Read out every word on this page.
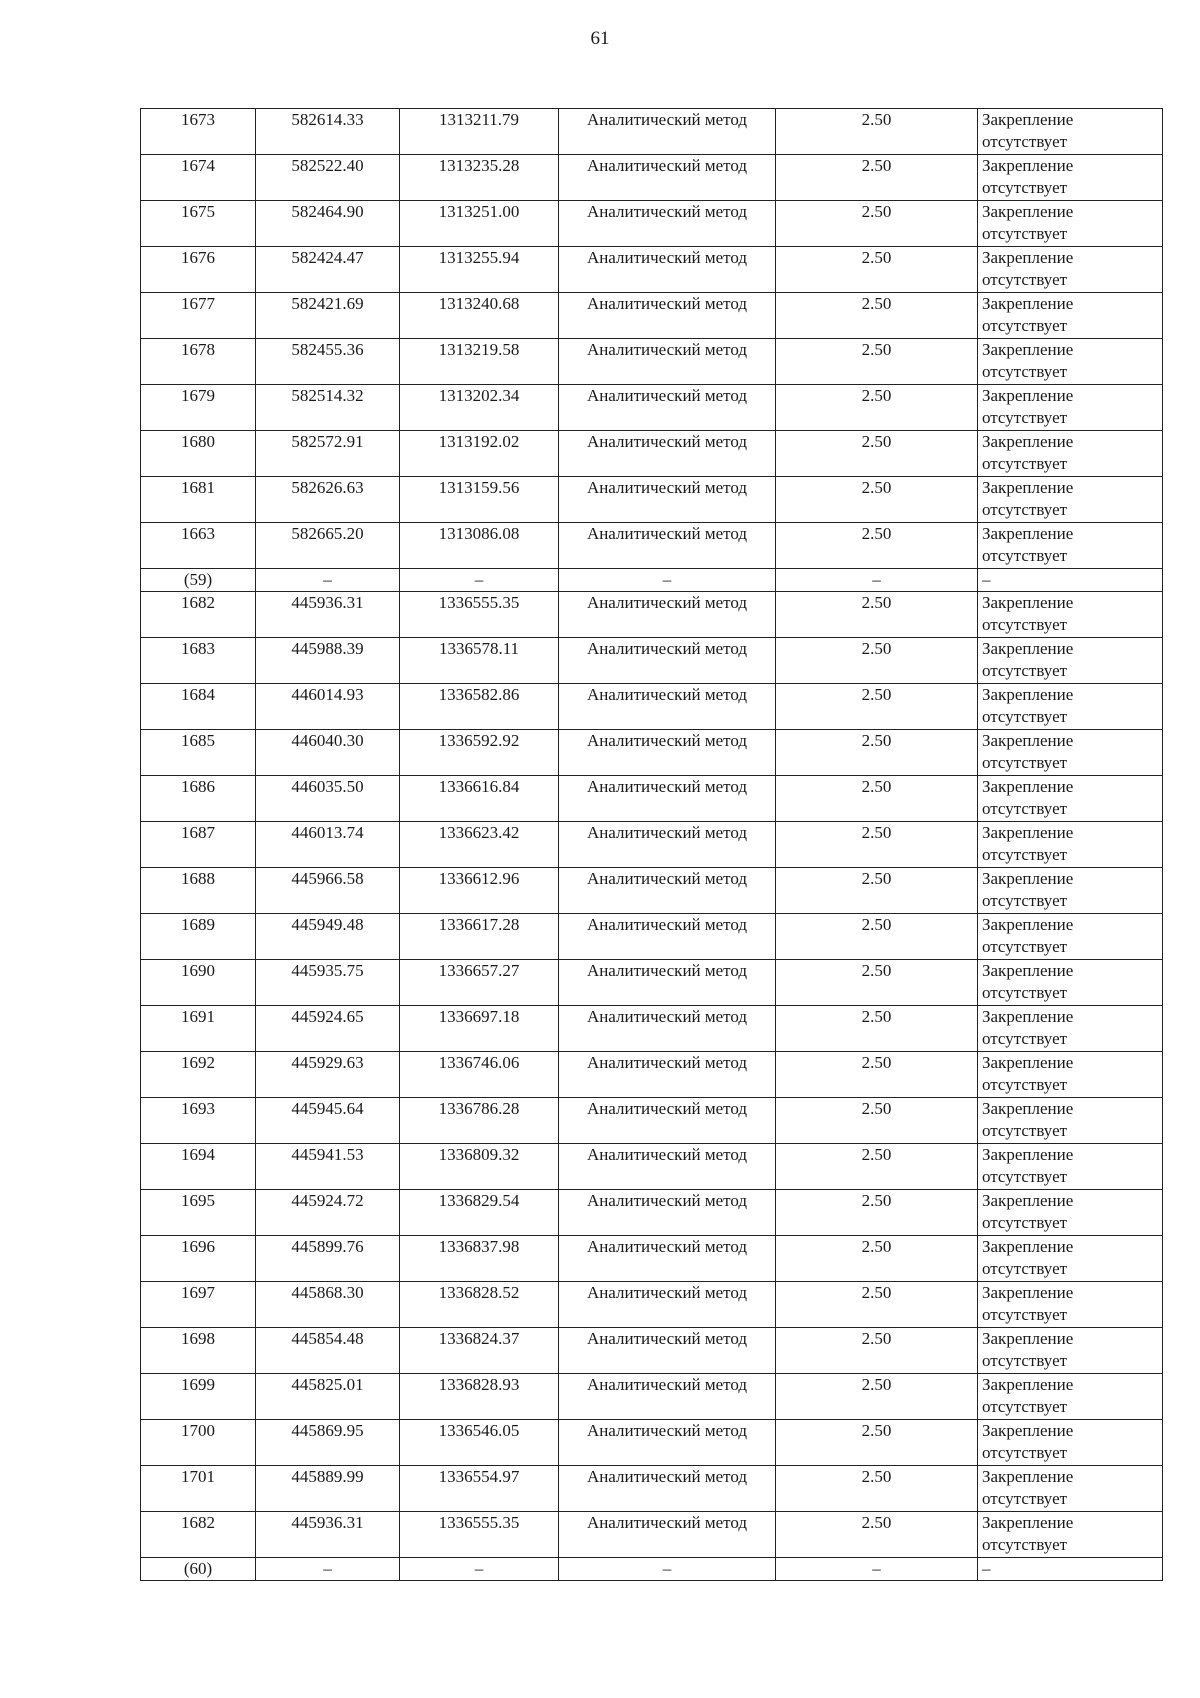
61
1673	582614.33	1313211.79	Аналитический метод	2.50	Закрепление
отсутствует

1674	582522.40	1313235.28	Аналитический метод	2.50	Закрепление
отсутствует

1675	582464.90	1313251.00	Аналитический метод	2.50	Закрепление
отсутствует

1676	582424.47	1313255.94	Аналитический метод	2.50	Закрепление
отсутствует

1677	582421.69	1313240.68	Аналитический метод	2.50	Закрепление
отсутствует

1678	582455.36	1313219.58	Аналитический метод	2.50	Закрепление
отсутствует

1679	582514.32	1313202.34	Аналитический метод	2.50	Закрепление
отсутствует

1680	582572.91	1313192.02	Аналитический метод	2.50	Закрепление
отсутствует

1681	582626.63	1313159.56	Аналитический метод	2.50	Закрепление
отсутствует

1663	582665.20	1313086.08	Аналитический метод	2.50	Закрепление
отсутствует

(59)	–	–	–	–	–

1682	445936.31	1336555.35	Аналитический метод	2.50	Закрепление
отсутствует

1683	445988.39	1336578.11	Аналитический метод	2.50	Закрепление
отсутствует

1684	446014.93	1336582.86	Аналитический метод	2.50	Закрепление
отсутствует

1685	446040.30	1336592.92	Аналитический метод	2.50	Закрепление
отсутствует

1686	446035.50	1336616.84	Аналитический метод	2.50	Закрепление
отсутствует

1687	446013.74	1336623.42	Аналитический метод	2.50	Закрепление
отсутствует

1688	445966.58	1336612.96	Аналитический метод	2.50	Закрепление
отсутствует

1689	445949.48	1336617.28	Аналитический метод	2.50	Закрепление
отсутствует

1690	445935.75	1336657.27	Аналитический метод	2.50	Закрепление
отсутствует

1691	445924.65	1336697.18	Аналитический метод	2.50	Закрепление
отсутствует

1692	445929.63	1336746.06	Аналитический метод	2.50	Закрепление
отсутствует

1693	445945.64	1336786.28	Аналитический метод	2.50	Закрепление
отсутствует

1694	445941.53	1336809.32	Аналитический метод	2.50	Закрепление
отсутствует

1695	445924.72	1336829.54	Аналитический метод	2.50	Закрепление
отсутствует

1696	445899.76	1336837.98	Аналитический метод	2.50	Закрепление
отсутствует

1697	445868.30	1336828.52	Аналитический метод	2.50	Закрепление
отсутствует

1698	445854.48	1336824.37	Аналитический метод	2.50	Закрепление
отсутствует

1699	445825.01	1336828.93	Аналитический метод	2.50	Закрепление
отсутствует

1700	445869.95	1336546.05	Аналитический метод	2.50	Закрепление
отсутствует

1701	445889.99	1336554.97	Аналитический метод	2.50	Закрепление
отсутствует

1682	445936.31	1336555.35	Аналитический метод	2.50	Закрепление
отсутствует

(60)	–	–	–	–	–
